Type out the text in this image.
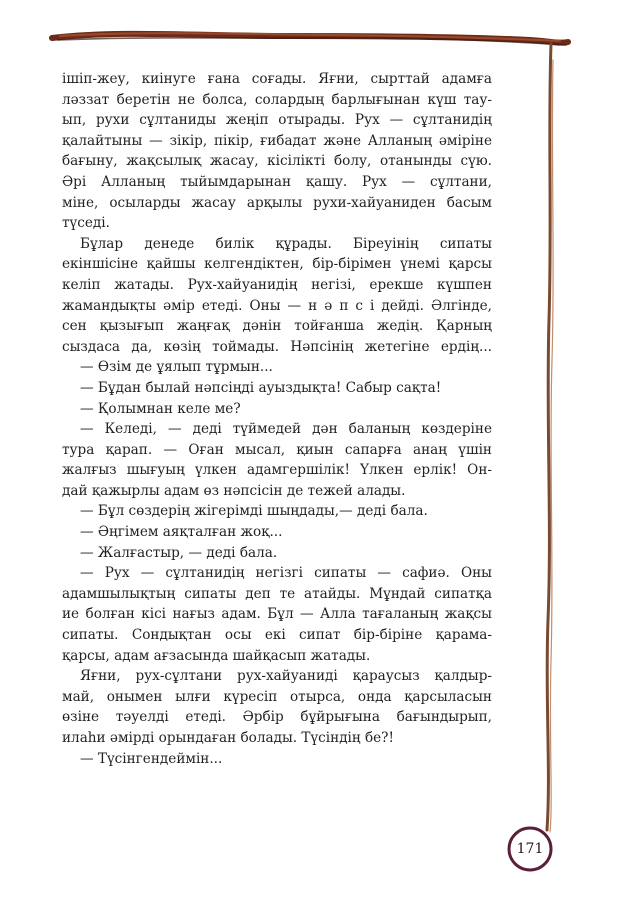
ішіп-жеу, киінуге ғана соғады. Яғни, сырттай адамға
ләззат беретін не болса, солардың барлығынан күш тау-
ып, рухи сұлтаниды жеңіп отырады. Рух — сұлтанидің
қалайтыны — зікір, пікір, ғибадат және Алланың әміріне
бағыну, жақсылық жасау, кісілікті болу, отанынды сүю.
Әрі Алланың тыйымдарынан қашу. Рух — сұлтани,
міне, осыларды жасау арқылы рухи-хайуаниден басым
түседі.
Бұлар денеде билік құрады. Біреуінің сипаты
екіншісіне қайшы келгендіктен, бір-бірімен үнемі қарсы
келіп жатады. Рух-хайуанидің негізі, ерекше күшпен
жамандықты әмір етеді. Оны — н ә п с і дейді. Әлгінде,
сен қызығып жаңғақ дәнін тойғанша жедің. Қарның
сыздаса да, көзің тоймады. Нәпсінің жетегіне ердің...
— Өзім де ұялып тұрмын...
— Бұдан былай нәпсіңді ауыздықта! Сабыр сақта!
— Қолымнан келе ме?
— Келеді, — деді түймедей дән баланың көздеріне
тура қарап. — Оған мысал, қиын сапарға анаң үшін
жалғыз шығуың үлкен адамгершілік! Үлкен ерлік! Он-
дай қажырлы адам өз нәпсісін де тежей алады.
— Бұл сөздерің жігерімді шыңдады,— деді бала.
— Әңгімем аяқталған жоқ...
— Жалғастыр, — деді бала.
— Рух — сұлтанидің негізгі сипаты — сафиә. Оны
адамшылықтың сипаты деп те атайды. Мұндай сипатқа
ие болған кісі нағыз адам. Бұл — Алла тағаланың жақсы
сипаты. Сондықтан осы екі сипат бір-біріне қарама-
қарсы, адам ағзасында шайқасып жатады.
Яғни, рух-сұлтани рух-хайуаниді қараусыз қалдыр-
май, онымен ылғи күресіп отырса, онда қарсыласын
өзіне тәуелді етеді. Әрбір бұйрығына бағындырып,
илаһи әмірді орындаған болады. Түсіндің бе?!
— Түсінгендеймін...
171
